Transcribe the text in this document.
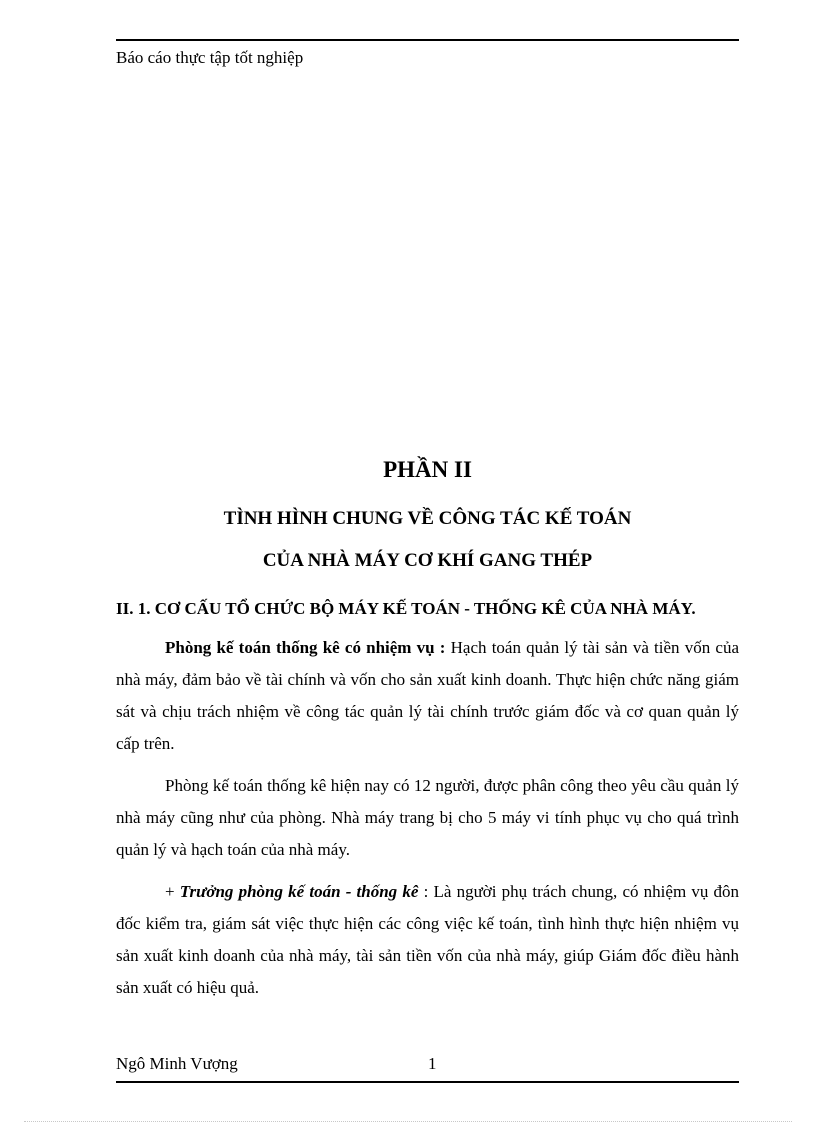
Báo cáo thực tập tốt nghiệp
PHẦN II
TÌNH HÌNH CHUNG VỀ CÔNG TÁC KẾ TOÁN
CỦA NHÀ MÁY CƠ KHÍ GANG THÉP
II. 1. CƠ CẤU TỔ CHỨC BỘ MÁY KẾ TOÁN - THỐNG KÊ CỦA NHÀ MÁY.

Phòng kế toán thống kê có nhiệm vụ : Hạch toán quản lý tài sản và tiền vốn của nhà máy, đảm bảo về tài chính và vốn cho sản xuất kinh doanh. Thực hiện chức năng giám sát và chịu trách nhiệm về công tác quản lý tài chính trước giám đốc và cơ quan quản lý cấp trên.

Phòng kế toán thống kê hiện nay có 12 người, được phân công theo yêu cầu quản lý nhà máy cũng như của phòng. Nhà máy trang bị cho 5 máy vi tính phục vụ cho quá trình quản lý và hạch toán của nhà máy.

+ Trưởng phòng kế toán - thống kê : Là người phụ trách chung, có nhiệm vụ đôn đốc kiểm tra, giám sát việc thực hiện các công việc kế toán, tình hình thực hiện nhiệm vụ sản xuất kinh doanh của nhà máy, tài sản tiền vốn của nhà máy, giúp Giám đốc điều hành sản xuất có hiệu quả.

Ngô Minh Vượng	1
